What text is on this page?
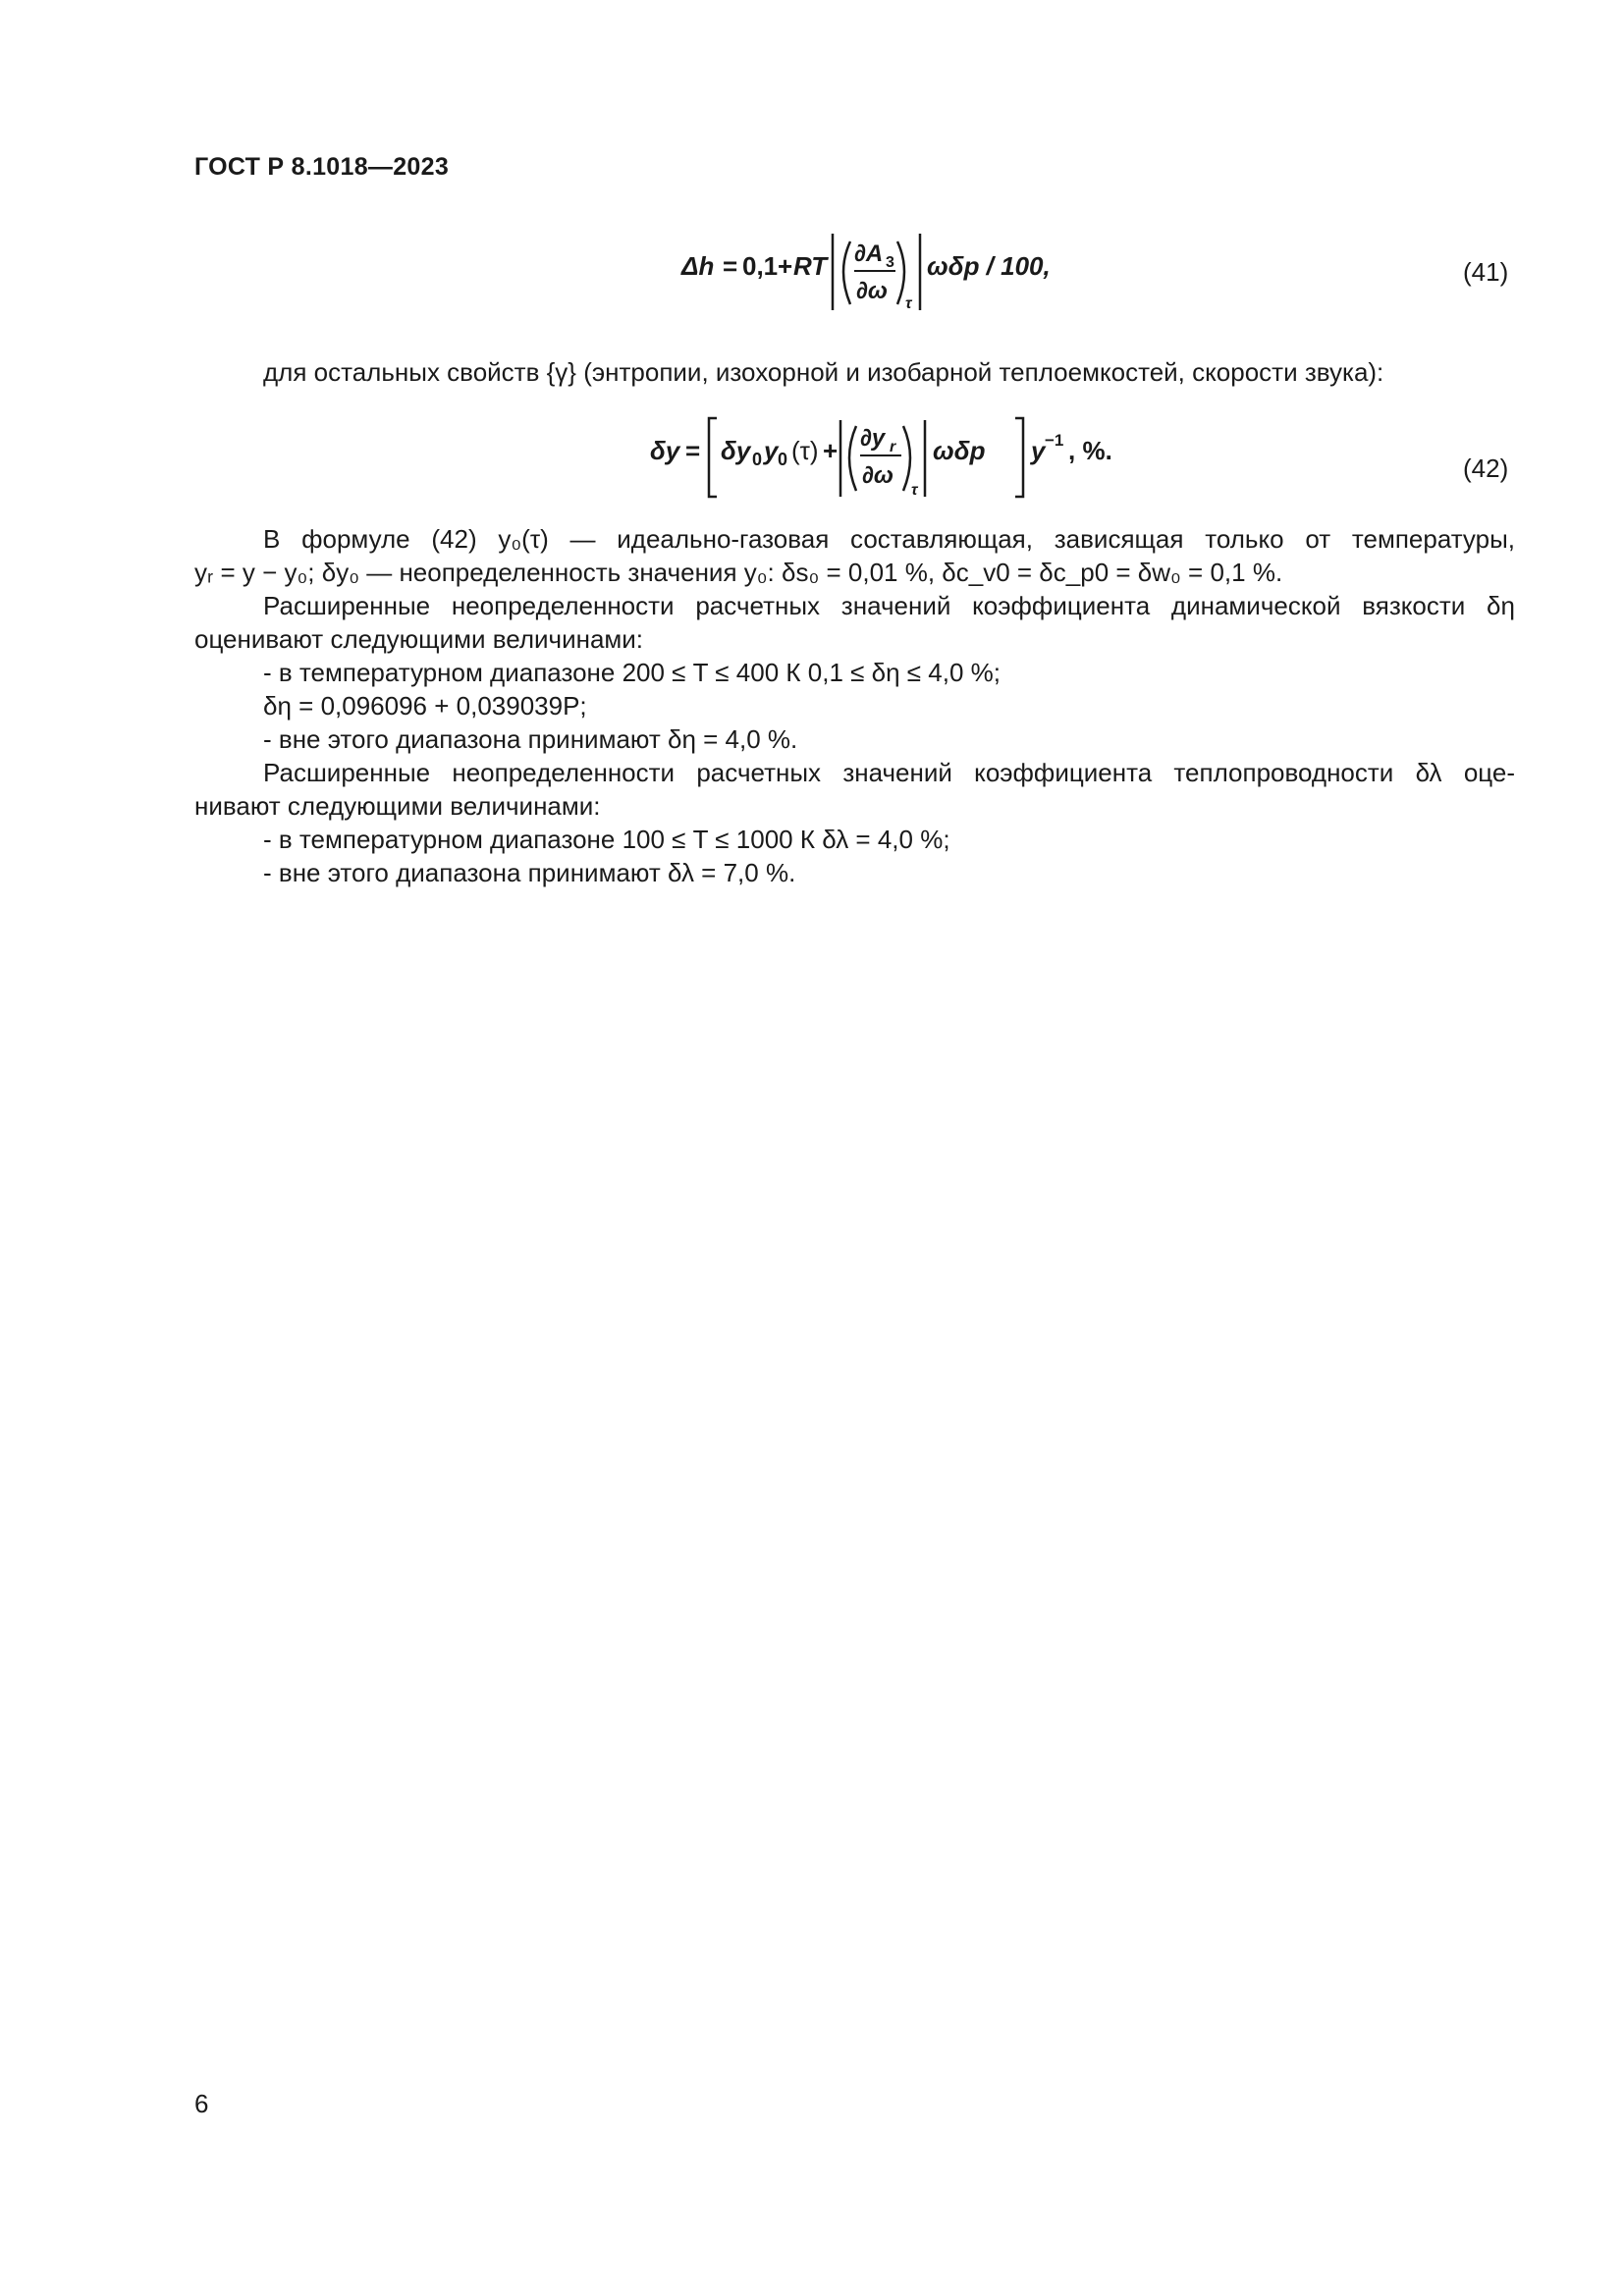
ГОСТ Р 8.1018—2023
Δh = 0,1 + RT ∂A 3
∂ω τ
ωδp / 100,	(41)
для остальных свойств {γ} (энтропии, изохорной и изобарной теплоемкостей, скорости звука):
δy = δy 0 y 0 (τ) + ∂y r
∂ω
τ
ωδp y −1 , %.
(42)
В формуле (42) y₀(τ) — идеально-газовая составляющая, зависящая только от температуры,
yᵣ = y − y₀; δy₀ — неопределенность значения y₀: δs₀ = 0,01 %, δc_v0 = δc_p0 = δw₀ = 0,1 %.
Расширенные неопределенности расчетных значений коэффициента динамической вязкости δη
оценивают следующими величинами:
- в температурном диапазоне 200 ≤ T ≤ 400 К 0,1 ≤ δη ≤ 4,0 %;
δη = 0,096096 + 0,039039P;
- вне этого диапазона принимают δη = 4,0 %.
Расширенные неопределенности расчетных значений коэффициента теплопроводности δλ оце-
нивают следующими величинами:
- в температурном диапазоне 100 ≤ T ≤ 1000 К δλ = 4,0 %;
- вне этого диапазона принимают δλ = 7,0 %.
6
